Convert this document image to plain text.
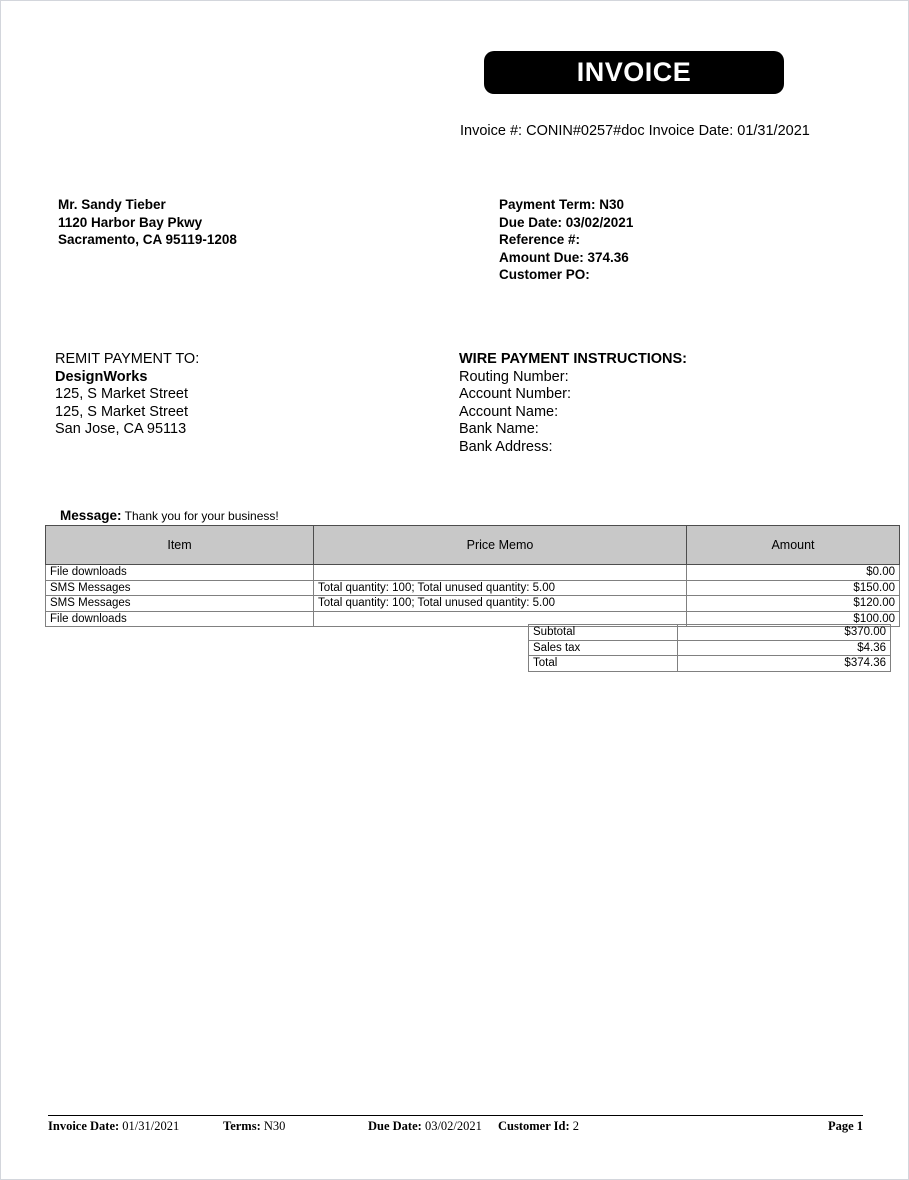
INVOICE
Invoice #: CONIN#0257#doc Invoice Date: 01/31/2021
Mr. Sandy Tieber
1120 Harbor Bay Pkwy
Sacramento, CA 95119-1208
Payment Term: N30
Due Date: 03/02/2021
Reference #:
Amount Due: 374.36
Customer PO:
REMIT PAYMENT TO:
DesignWorks
125, S Market Street
125, S Market Street
San Jose, CA 95113
WIRE PAYMENT INSTRUCTIONS:
Routing Number:
Account Number:
Account Name:
Bank Name:
Bank Address:
Message: Thank you for your business!
Item	Price Memo	Amount
File downloads		$0.00
SMS Messages	Total quantity: 100; Total unused quantity: 5.00	$150.00
SMS Messages	Total quantity: 100; Total unused quantity: 5.00	$120.00
File downloads		$100.00
Subtotal	$370.00
Sales tax	$4.36
Total	$374.36
Invoice Date: 01/31/2021	Terms: N30	Due Date: 03/02/2021	Customer Id: 2	Page 1
